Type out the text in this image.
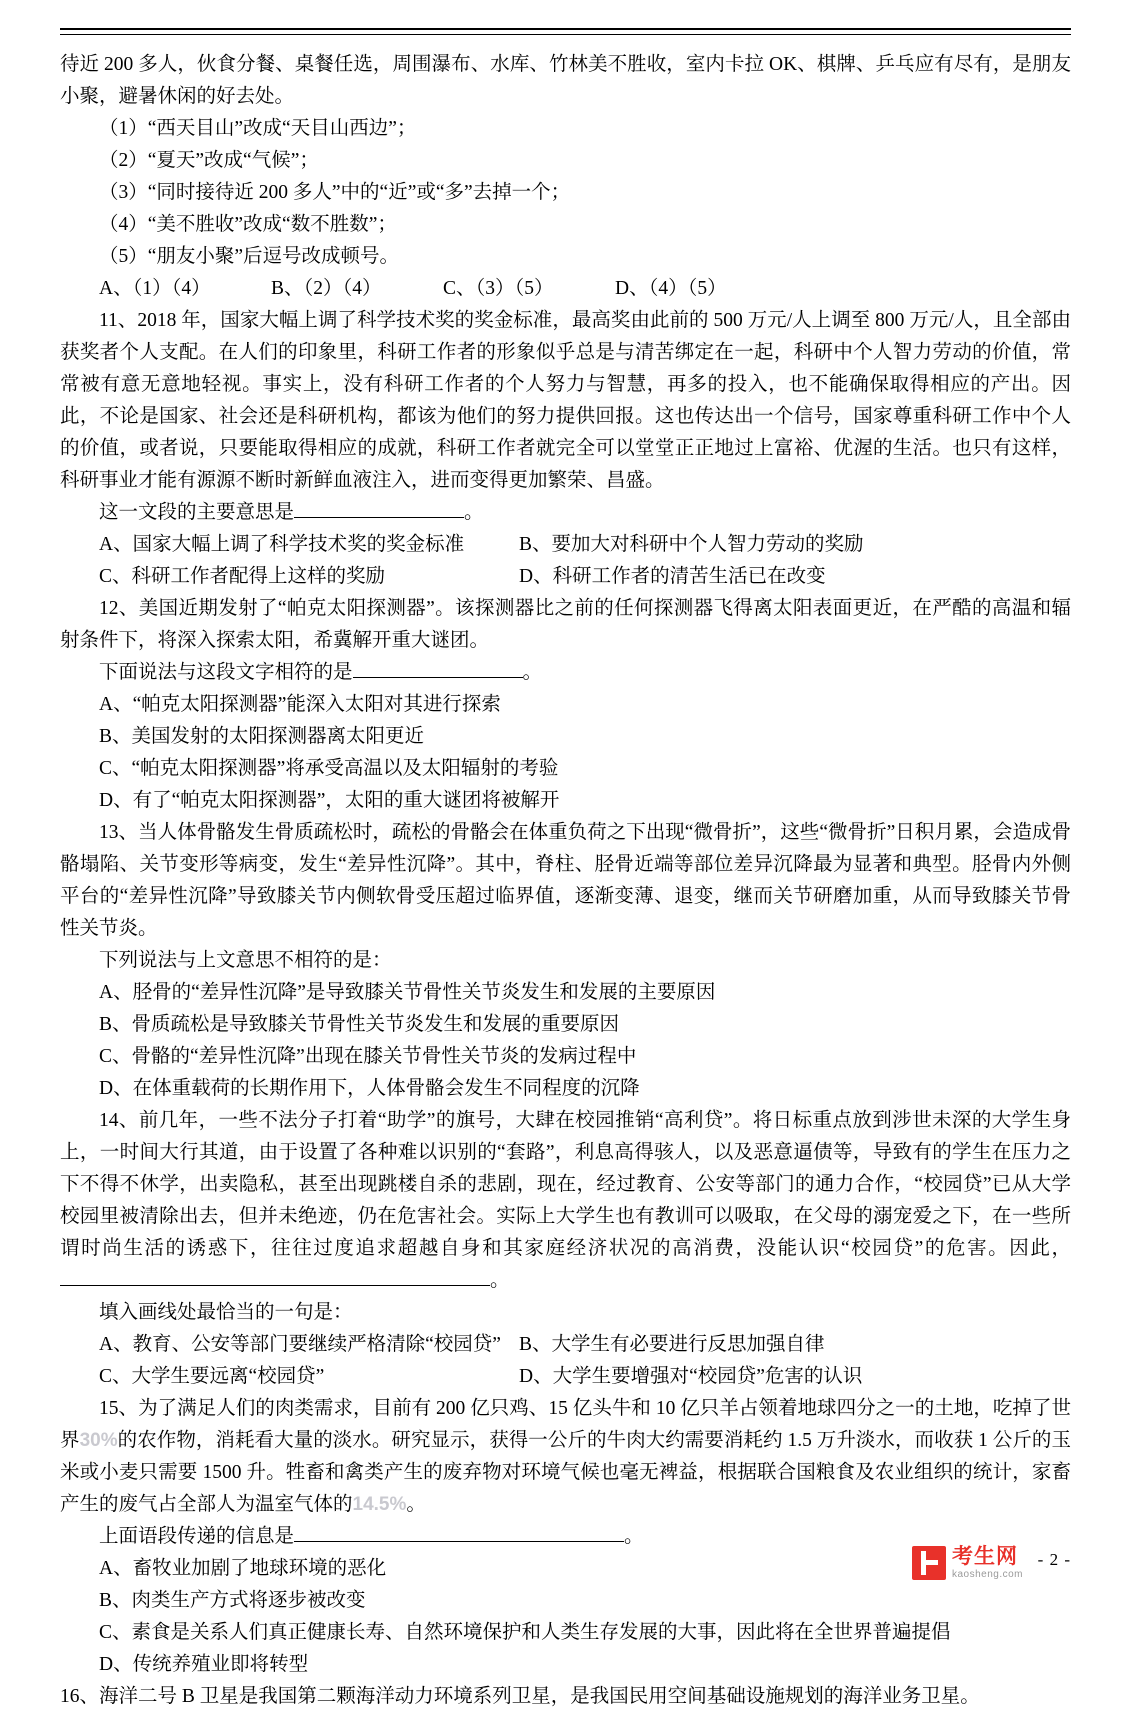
待近 200 多人，伙食分餐、桌餐任选，周围瀑布、水库、竹林美不胜收，室内卡拉 OK、棋牌、乒乓应有尽有，是朋友小聚，避暑休闲的好去处。

（1）“西天目山”改成“天目山西边”；

（2）“夏天”改成“气候”；

（3）“同时接待近 200 多人”中的“近”或“多”去掉一个；

（4）“美不胜收”改成“数不胜数”；

（5）“朋友小聚”后逗号改成顿号。

A、（1）（4）	B、（2）（4）	C、（3）（5）	D、（4）（5）

11、2018 年，国家大幅上调了科学技术奖的奖金标准，最高奖由此前的 500 万元/人上调至 800 万元/人，且全部由获奖者个人支配。在人们的印象里，科研工作者的形象似乎总是与清苦绑定在一起，科研中个人智力劳动的价值，常常被有意无意地轻视。事实上，没有科研工作者的个人努力与智慧，再多的投入，也不能确保取得相应的产出。因此，不论是国家、社会还是科研机构，都该为他们的努力提供回报。这也传达出一个信号，国家尊重科研工作中个人的价值，或者说，只要能取得相应的成就，科研工作者就完全可以堂堂正正地过上富裕、优渥的生活。也只有这样，科研事业才能有源源不断时新鲜血液注入，进而变得更加繁荣、昌盛。

这一文段的主要意思是	。

A、国家大幅上调了科学技术奖的奖金标准	B、要加大对科研中个人智力劳动的奖励

C、科研工作者配得上这样的奖励	D、科研工作者的清苦生活已在改变

12、美国近期发射了“帕克太阳探测器”。该探测器比之前的任何探测器飞得离太阳表面更近，在严酷的高温和辐射条件下，将深入探索太阳，希冀解开重大谜团。

下面说法与这段文字相符的是	。

A、“帕克太阳探测器”能深入太阳对其进行探索

B、美国发射的太阳探测器离太阳更近

C、“帕克太阳探测器”将承受高温以及太阳辐射的考验

D、有了“帕克太阳探测器”，太阳的重大谜团将被解开

13、当人体骨骼发生骨质疏松时，疏松的骨骼会在体重负荷之下出现“微骨折”，这些“微骨折”日积月累，会造成骨骼塌陷、关节变形等病变，发生“差异性沉降”。其中，脊柱、胫骨近端等部位差异沉降最为显著和典型。胫骨内外侧平台的“差异性沉降”导致膝关节内侧软骨受压超过临界值，逐渐变薄、退变，继而关节研磨加重，从而导致膝关节骨性关节炎。

下列说法与上文意思不相符的是：

A、胫骨的“差异性沉降”是导致膝关节骨性关节炎发生和发展的主要原因

B、骨质疏松是导致膝关节骨性关节炎发生和发展的重要原因

C、骨骼的“差异性沉降”出现在膝关节骨性关节炎的发病过程中

D、在体重载荷的长期作用下，人体骨骼会发生不同程度的沉降

14、前几年，一些不法分子打着“助学”的旗号，大肆在校园推销“高利贷”。将日标重点放到涉世未深的大学生身上，一时间大行其道，由于设置了各种难以识别的“套路”，利息高得骇人，以及恶意逼债等，导致有的学生在压力之下不得不休学，出卖隐私，甚至出现跳楼自杀的悲剧，现在，经过教育、公安等部门的通力合作，“校园贷”已从大学校园里被清除出去，但并未绝迹，仍在危害社会。实际上大学生也有教训可以吸取，在父母的溺宠爱之下，在一些所谓时尚生活的诱惑下，往往过度追求超越自身和其家庭经济状况的高消费，没能认识“校园贷”的危害。因此，。

填入画线处最恰当的一句是：

A、教育、公安等部门要继续严格清除“校园贷” B、大学生有必要进行反思加强自律

C、大学生要远离“校园贷”	D、大学生要增强对“校园贷”危害的认识

15、为了满足人们的肉类需求，目前有 200 亿只鸡、15 亿头牛和 10 亿只羊占领着地球四分之一的土地，吃掉了世界30%的农作物，消耗看大量的淡水。研究显示，获得一公斤的牛肉大约需要消耗约 1.5 万升淡水，而收获 1 公斤的玉米或小麦只需要 1500 升。牲畜和禽类产生的废弃物对环境气候也毫无裨益，根据联合国粮食及农业组织的统计，家畜产生的废气占全部人为温室气体的14.5%。

上面语段传递的信息是	。

A、畜牧业加剧了地球环境的恶化

B、肉类生产方式将逐步被改变

C、素食是关系人们真正健康长寿、自然环境保护和人类生存发展的大事，因此将在全世界普遍提倡

D、传统养殖业即将转型

16、海洋二号 B 卫星是我国第二颗海洋动力环境系列卫星，是我国民用空间基础设施规划的海洋业务卫星。

考生网
kaosheng.com
- 2 -
